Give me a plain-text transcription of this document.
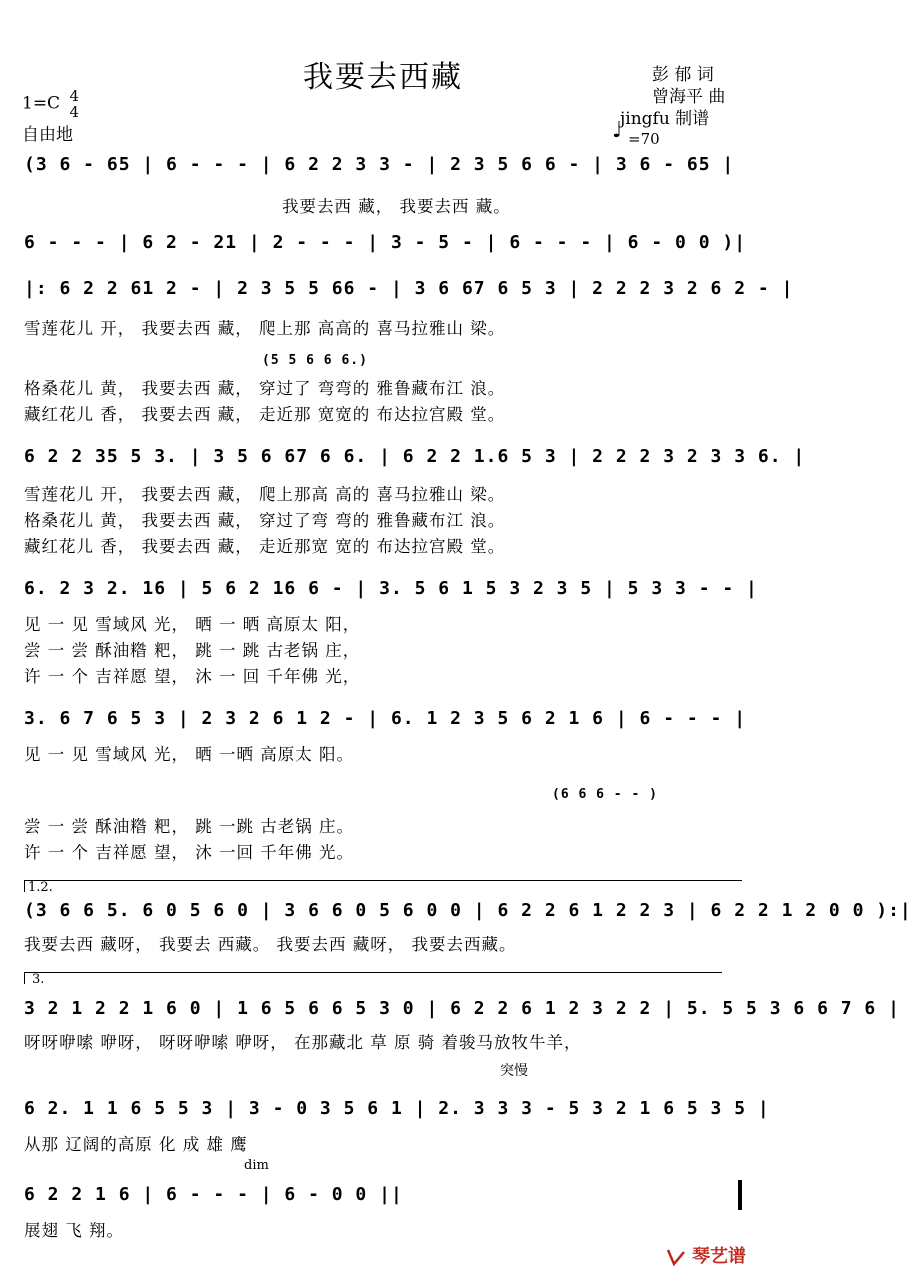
我要去西藏	彭 郁 词
曾海平 曲
jingfu 制谱
1=C 4
4
自由地	♩ =70
(3 6 - 65 | 6 - - - | 6 2 2 3 3 - | 2 3 5 6 6 - | 3 6 - 65 |
我要去西 藏， 我要去西 藏。
6 - - - | 6 2 - 21 | 2 - - - | 3 - 5 - | 6 - - - | 6 - 0 0 )|
|: 6 2 2 61 2 - | 2 3 5 5 66 - | 3 6 67 6 5 3 | 2 2 2 3 2 6 2 - |
雪莲花儿 开， 我要去西 藏， 爬上那 高高的 喜马拉雅山 梁。
(5 5 6 6 6.)
格桑花儿 黄， 我要去西 藏， 穿过了 弯弯的 雅鲁藏布江 浪。
藏红花儿 香， 我要去西 藏， 走近那 宽宽的 布达拉宫殿 堂。
6 2 2 35 5 3. | 3 5 6 67 6 6. | 6 2 2 1.6 5 3 | 2 2 2 3 2 3 3 6. |
雪莲花儿 开， 我要去西 藏， 爬上那高 高的 喜马拉雅山 梁。
格桑花儿 黄， 我要去西 藏， 穿过了弯 弯的 雅鲁藏布江 浪。
藏红花儿 香， 我要去西 藏， 走近那宽 宽的 布达拉宫殿 堂。
6. 2 3 2. 16 | 5 6 2 16 6 - | 3. 5 6 1 5 3 2 3 5 | 5 3 3 - - |
见 一 见 雪域风 光， 晒 一 晒 高原太 阳，
尝 一 尝 酥油糌 粑， 跳 一 跳 古老锅 庄，
许 一 个 吉祥愿 望， 沐 一 回 千年佛 光，
3. 6 7 6 5 3 | 2 3 2 6 1 2 - | 6. 1 2 3 5 6 2 1 6 | 6 - - - |
见 一 见 雪域风 光， 晒 一晒 高原太 阳。
(6 6 6 - - )
尝 一 尝 酥油糌 粑， 跳 一跳 古老锅 庄。
许 一 个 吉祥愿 望， 沐 一回 千年佛 光。
1.2.
(3 6 6 5. 6 0 5 6 0 | 3 6 6 0 5 6 0 0 | 6 2 2 6 1 2 2 3 | 6 2 2 1 2 0 0 ):|
我要去西 藏呀， 我要去 西藏。 我要去西 藏呀， 我要去西藏。
3.
3 2 1 2 2 1 6 0 | 1 6 5 6 6 5 3 0 | 6 2 2 6 1 2 3 2 2 | 5. 5 5 3 6 6 7 6 |
呀呀咿嗦 咿呀， 呀呀咿嗦 咿呀， 在那藏北 草 原 骑 着骏马放牧牛羊，
突慢
6 2. 1 1 6 5 5 3 | 3 - 0 3 5 6 1 | 2. 3 3 3 - 5 3 2 1 6 5 3 5 |
从那 辽阔的高原 化 成 雄 鹰
dim
6 2 2 1 6 | 6 - - - | 6 - 0 0 ||
展翅 飞 翔。
琴艺谱
